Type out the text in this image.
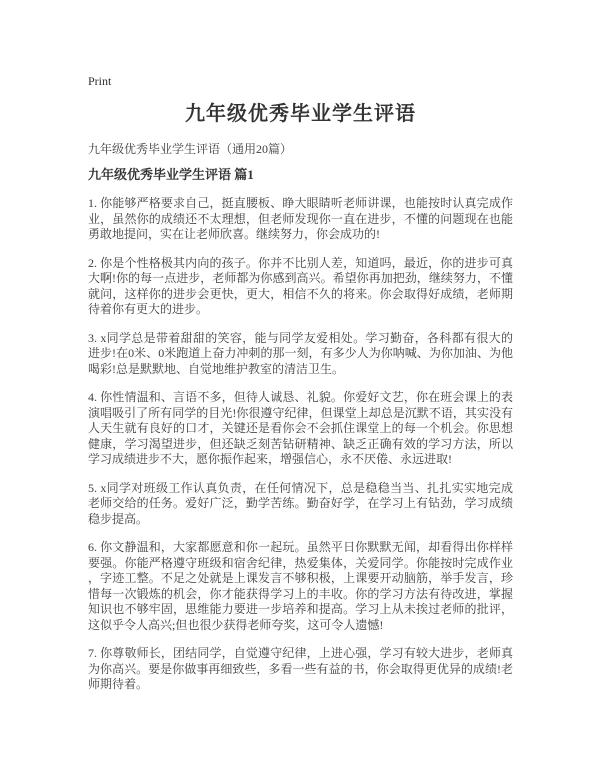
Print
九年级优秀毕业学生评语
九年级优秀毕业学生评语（通用20篇）
九年级优秀毕业学生评语 篇1

1. 你能够严格要求自己，挺直腰板、睁大眼睛听老师讲课，也能按时认真完成作业，虽然你的成绩还不太理想，但老师发现你一直在进步，不懂的问题现在也能勇敢地提问，实在让老师欣喜。继续努力，你会成功的!

2. 你是个性格极其内向的孩子。你并不比别人差，知道吗，最近，你的进步可真大啊!你的每一点进步，老师都为你感到高兴。希望你再加把劲，继续努力，不懂就问，这样你的进步会更快，更大，相信不久的将来。你会取得好成绩，老师期待着你有更大的进步。

3. x同学总是带着甜甜的笑容，能与同学友爱相处。学习勤奋，各科都有很大的进步!在0米、0米跑道上奋力冲刺的那一刻，有多少人为你呐喊、为你加油、为他喝彩!总是默默地、自觉地维护教室的清洁卫生。

4. 你性情温和、言语不多，但待人诚恳、礼貌。你爱好文艺，你在班会课上的表演唱吸引了所有同学的目光!你很遵守纪律，但课堂上却总是沉默不语，其实没有人天生就有良好的口才，关键还是看你会不会抓住课堂上的每一个机会。你思想健康，学习渴望进步，但还缺乏刻苦钻研精神、缺乏正确有效的学习方法，所以学习成绩进步不大，愿你振作起来，增强信心，永不厌倦、永远进取!

5. x同学对班级工作认真负责，在任何情况下，总是稳稳当当、扎扎实实地完成老师交给的任务。爱好广泛，勤学苦练。勤奋好学，在学习上有钻劲，学习成绩稳步提高。

6. 你文静温和，大家都愿意和你一起玩。虽然平日你默默无闻，却看得出你样样要强。你能严格遵守班级和宿舍纪律，热爱集体，关爱同学。你能按时完成作业，字迹工整。不足之处就是上课发言不够积极，上课要开动脑筋，举手发言，珍惜每一次锻炼的机会，你才能获得学习上的丰收。你的学习方法有待改进，掌握知识也不够牢固，思维能力要进一步培养和提高。学习上从未挨过老师的批评，这似乎令人高兴;但也很少获得老师夸奖，这可令人遗憾!

7. 你尊敬师长，团结同学，自觉遵守纪律，上进心强，学习有较大进步，老师真为你高兴。要是你做事再细致些，多看一些有益的书，你会取得更优异的成绩!老师期待着。
